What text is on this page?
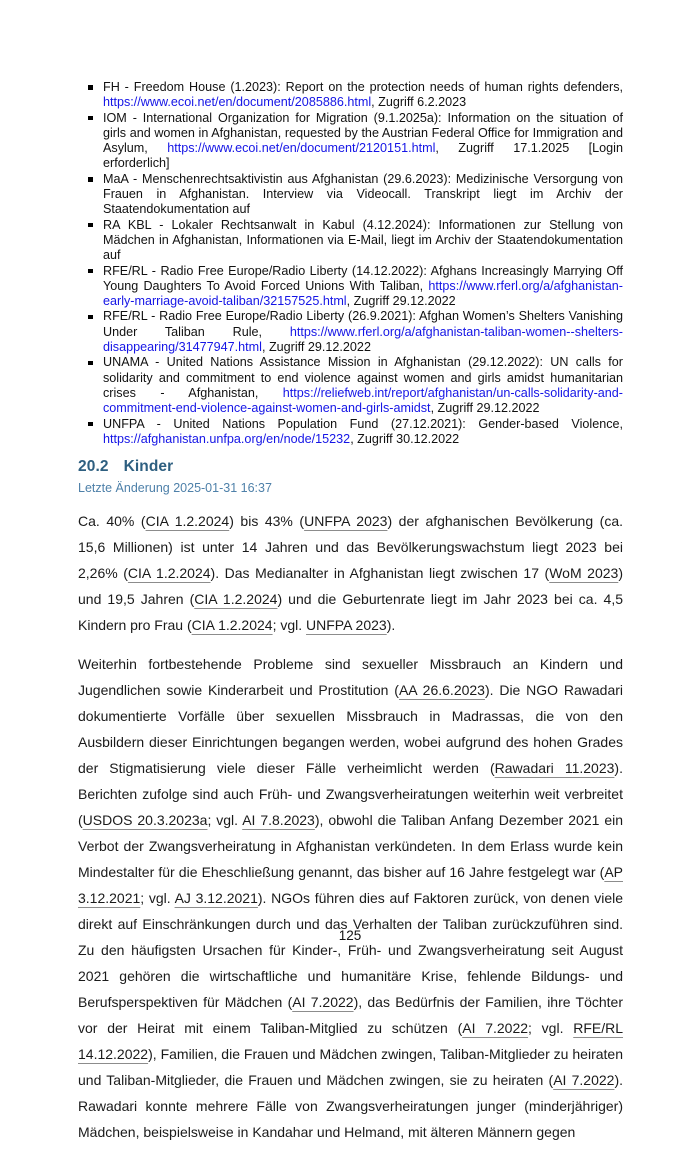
FH - Freedom House (1.2023): Report on the protection needs of human rights defenders, https://www.ecoi.net/en/document/2085886.html, Zugriff 6.2.2023
IOM - International Organization for Migration (9.1.2025a): Information on the situation of girls and women in Afghanistan, requested by the Austrian Federal Office for Immigration and Asylum, https://www.ecoi.net/en/document/2120151.html, Zugriff 17.1.2025 [Login erforderlich]
MaA - Menschenrechtsaktivistin aus Afghanistan (29.6.2023): Medizinische Versorgung von Frauen in Afghanistan. Interview via Videocall. Transkript liegt im Archiv der Staatendokumentation auf
RA KBL - Lokaler Rechtsanwalt in Kabul (4.12.2024): Informationen zur Stellung von Mädchen in Afghanistan, Informationen via E-Mail, liegt im Archiv der Staatendokumentation auf
RFE/RL - Radio Free Europe/Radio Liberty (14.12.2022): Afghans Increasingly Marrying Off Young Daughters To Avoid Forced Unions With Taliban, https://www.rferl.org/a/afghanistan-early-marriage-avoid-taliban/32157525.html, Zugriff 29.12.2022
RFE/RL - Radio Free Europe/Radio Liberty (26.9.2021): Afghan Women’s Shelters Vanishing Under Taliban Rule, https://www.rferl.org/a/afghanistan-taliban-women--shelters-disappearing/31477947.html, Zugriff 29.12.2022
UNAMA - United Nations Assistance Mission in Afghanistan (29.12.2022): UN calls for solidarity and commitment to end violence against women and girls amidst humanitarian crises - Afghanistan, https://reliefweb.int/report/afghanistan/un-calls-solidarity-and-commitment-end-violence-against-women-and-girls-amidst, Zugriff 29.12.2022
UNFPA - United Nations Population Fund (27.12.2021): Gender-based Violence, https://afghanistan.unfpa.org/en/node/15232, Zugriff 30.12.2022
20.2 Kinder
Letzte Änderung 2025-01-31 16:37

Ca. 40% (CIA 1.2.2024) bis 43% (UNFPA 2023) der afghanischen Bevölkerung (ca. 15,6 Millionen) ist unter 14 Jahren und das Bevölkerungswachstum liegt 2023 bei 2,26% (CIA 1.2.2024). Das Medianalter in Afghanistan liegt zwischen 17 (WoM 2023) und 19,5 Jahren (CIA 1.2.2024) und die Geburtenrate liegt im Jahr 2023 bei ca. 4,5 Kindern pro Frau (CIA 1.2.2024; vgl. UNFPA 2023).

Weiterhin fortbestehende Probleme sind sexueller Missbrauch an Kindern und Jugendlichen sowie Kinderarbeit und Prostitution (AA 26.6.2023). Die NGO Rawadari dokumentierte Vorfälle über sexuellen Missbrauch in Madrassas, die von den Ausbildern dieser Einrichtungen begangen werden, wobei aufgrund des hohen Grades der Stigmatisierung viele dieser Fälle verheimlicht werden (Rawadari 11.2023). Berichten zufolge sind auch Früh- und Zwangsverheiratungen weiterhin weit verbreitet (USDOS 20.3.2023a; vgl. AI 7.8.2023), obwohl die Taliban Anfang Dezember 2021 ein Verbot der Zwangsverheiratung in Afghanistan verkündeten. In dem Erlass wurde kein Mindestalter für die Eheschließung genannt, das bisher auf 16 Jahre festgelegt war (AP 3.12.2021; vgl. AJ 3.12.2021). NGOs führen dies auf Faktoren zurück, von denen viele direkt auf Einschränkungen durch und das Verhalten der Taliban zurückzuführen sind. Zu den häufigsten Ursachen für Kinder-, Früh- und Zwangsverheiratung seit August 2021 gehören die wirtschaftliche und humanitäre Krise, fehlende Bildungs- und Berufsperspektiven für Mädchen (AI 7.2022), das Bedürfnis der Familien, ihre Töchter vor der Heirat mit einem Taliban-Mitglied zu schützen (AI 7.2022; vgl. RFE/RL 14.12.2022), Familien, die Frauen und Mädchen zwingen, Taliban-Mitglieder zu heiraten und Taliban-Mitglieder, die Frauen und Mädchen zwingen, sie zu heiraten (AI 7.2022). Rawadari konnte mehrere Fälle von Zwangsverheiratungen junger (minderjähriger) Mädchen, beispielsweise in Kandahar und Helmand, mit älteren Männern gegen

125
